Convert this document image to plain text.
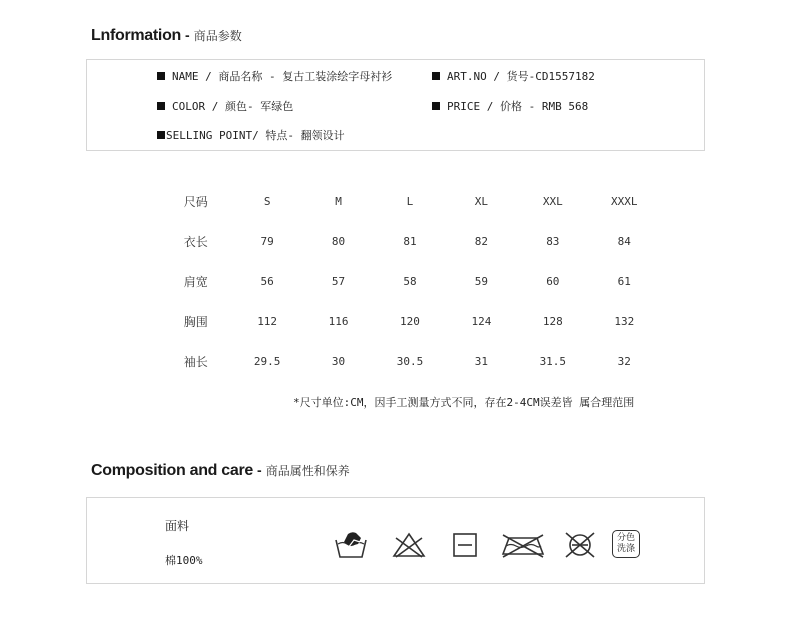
Lnformation - 商品参数
NAME / 商品名称 - 复古工装涂绘字母衬衫	ART.NO / 货号-CD1557182
COLOR / 颜色- 军绿色	PRICE / 价格 - RMB 568
SELLING POINT/ 特点- 翻领设计
尺码	S	M	L	XL	XXL	XXXL
衣长	79	80	81	82	83	84
肩宽	56	57	58	59	60	61
胸围	112	116	120	124	128	132
袖长	29.5	30	30.5	31	31.5	32
*尺寸单位:CM，因手工测量方式不同，存在2-4CM误差皆 属合理范围
Composition and care - 商品属性和保养
面料
棉100%
分色洗涤
